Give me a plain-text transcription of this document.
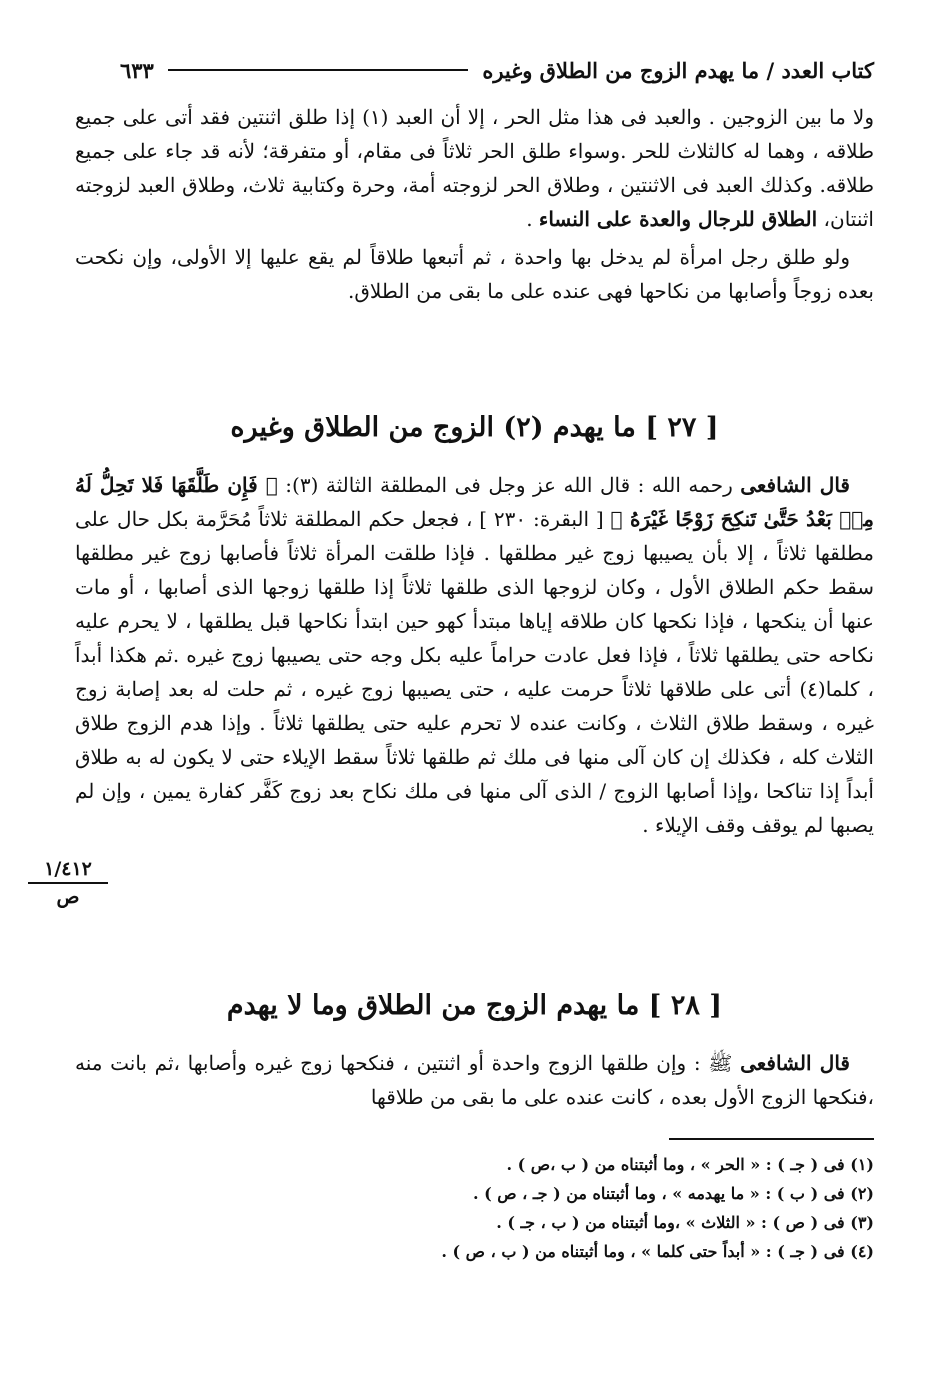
كتاب العدد / ما يهدم الزوج من الطلاق وغيره
٦٣٣

ولا ما بين الزوجين . والعبد فى هذا مثل الحر ، إلا أن العبد (١) إذا طلق اثنتين فقد أتى على جميع طلاقه ، وهما له كالثلاث للحر .وسواء طلق الحر ثلاثاً فى مقام، أو متفرقة؛ لأنه قد جاء على جميع طلاقه. وكذلك العبد فى الاثنتين ، وطلاق الحر لزوجته أمة، وحرة وكتابية ثلاث، وطلاق العبد لزوجته اثنتان، الطلاق للرجال والعدة على النساء .

ولو طلق رجل امرأة لم يدخل بها واحدة ، ثم أتبعها طلاقاً لم يقع عليها إلا الأولى، وإن نكحت بعده زوجاً وأصابها من نكاحها فهى عنده على ما بقى من الطلاق.

[ ٢٧ ] ما يهدم (٢) الزوج من الطلاق وغيره

قال الشافعى رحمه الله : قال الله عز وجل فى المطلقة الثالثة (٣): ﴿ فَإِن طَلَّقَهَا فَلا تَحِلُّ لَهُ مِنۢ بَعْدُ حَتَّىٰ تَنكِحَ زَوْجًا غَيْرَهُ ﴾ [ البقرة: ٢٣٠ ] ، فجعل حكم المطلقة ثلاثاً مُحَرَّمة بكل حال على مطلقها ثلاثاً ، إلا بأن يصيبها زوج غير مطلقها . فإذا طلقت المرأة ثلاثاً فأصابها زوج غير مطلقها سقط حكم الطلاق الأول ، وكان لزوجها الذى طلقها ثلاثاً إذا طلقها زوجها الذى أصابها ، أو مات عنها أن ينكحها ، فإذا نكحها كان طلاقه إياها مبتدأ كهو حين ابتدأ نكاحها قبل يطلقها ، لا يحرم عليه نكاحه حتى يطلقها ثلاثاً ، فإذا فعل عادت حراماً عليه بكل وجه حتى يصيبها زوج غيره .ثم هكذا أبداً ، كلما(٤) أتى على طلاقها ثلاثاً حرمت عليه ، حتى يصيبها زوج غيره ، ثم حلت له بعد إصابة زوج غيره ، وسقط طلاق الثلاث ، وكانت عنده لا تحرم عليه حتى يطلقها ثلاثاً . وإذا هدم الزوج طلاق الثلاث كله ، فكذلك إن كان آلى منها فى ملك ثم طلقها ثلاثاً سقط الإيلاء حتى لا يكون له به طلاق أبداً إذا تناكحا ،وإذا أصابها الزوج / الذى آلى منها فى ملك نكاح بعد زوج كَفَّر كفارة يمين ، وإن لم يصبها لم يوقف وقف الإيلاء .

١/٤١٢
ص
[ ٢٨ ] ما يهدم الزوج من الطلاق وما لا يهدم

قال الشافعى ﷺ : وإن طلقها الزوج واحدة أو اثنتين ، فنكحها زوج غيره وأصابها ،ثم بانت منه ،فنكحها الزوج الأول بعده ، كانت عنده على ما بقى من طلاقها

(١) فى ( جـ ) : « الحر » ، وما أثبتناه من ( ب ،ص ) .

(٢) فى ( ب ) : « ما يهدمه » ، وما أثبتناه من ( جـ ، ص ) .

(٣) فى ( ص ) : « الثلاث » ،وما أثبتناه من ( ب ، جـ ) .

(٤) فى ( جـ ) : « أبداً حتى كلما » ، وما أثبتناه من ( ب ، ص ) .
